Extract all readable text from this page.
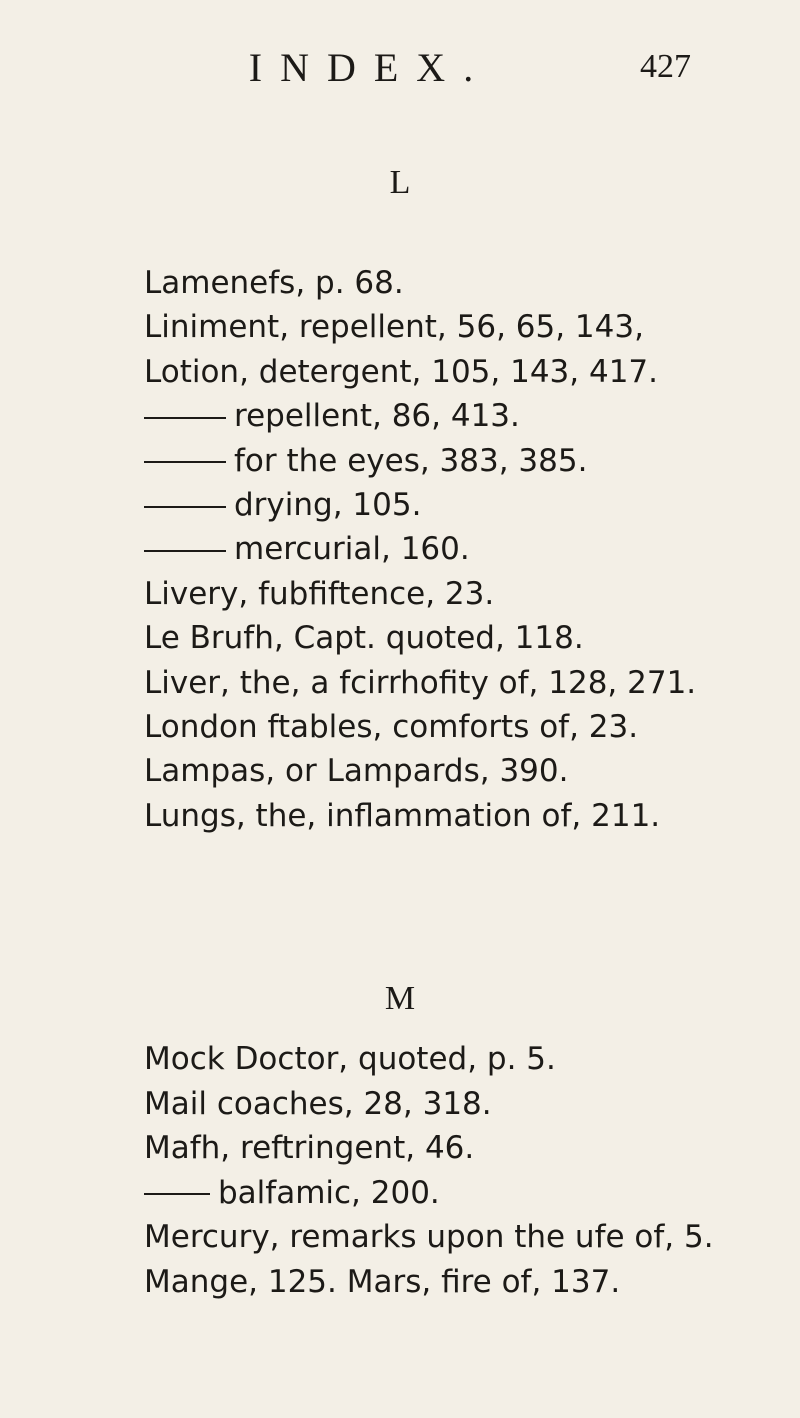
INDEX.	427
L
M
Lamenefs, p. 68.
Liniment, repellent, 56, 65, 143,
Lotion, detergent, 105, 143, 417.
repellent, 86, 413.
for the eyes, 383, 385.
drying, 105.
mercurial, 160.
Livery, fubfiftence, 23.
Le Brufh, Capt. quoted, 118.
Liver, the, a fcirrhofity of, 128, 271.
London ftables, comforts of, 23.
Lampas, or Lampards, 390.
Lungs, the, inflammation of, 211.
Mock Doctor, quoted, p. 5.
Mail coaches, 28, 318.
Mafh, reftringent, 46.
balfamic, 200.
Mercury, remarks upon the ufe of, 5.
Mange, 125. Mars, fire of, 137.
